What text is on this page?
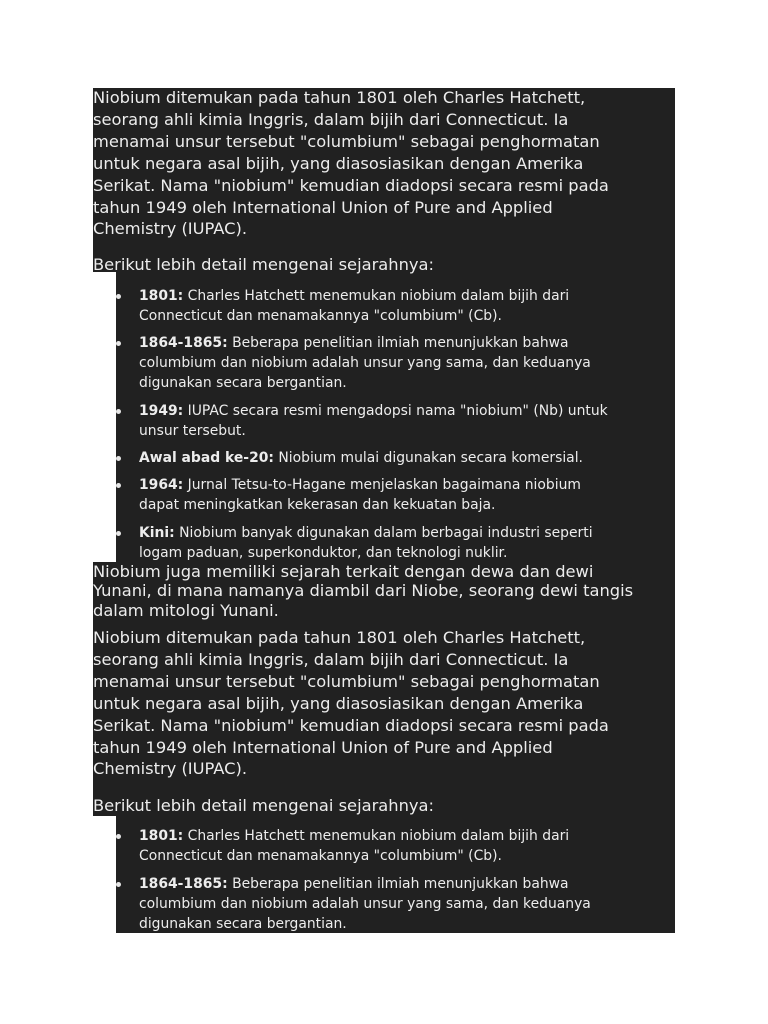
Niobium ditemukan pada tahun 1801 oleh Charles Hatchett,
seorang ahli kimia Inggris, dalam bijih dari Connecticut. Ia
menamai unsur tersebut "columbium" sebagai penghormatan
untuk negara asal bijih, yang diasosiasikan dengan Amerika
Serikat. Nama "niobium" kemudian diadopsi secara resmi pada
tahun 1949 oleh International Union of Pure and Applied
Chemistry (IUPAC).

Berikut lebih detail mengenai sejarahnya:

1801: Charles Hatchett menemukan niobium dalam bijih dari
Connecticut dan menamakannya "columbium" (Cb).

1864-1865: Beberapa penelitian ilmiah menunjukkan bahwa
columbium dan niobium adalah unsur yang sama, dan keduanya
digunakan secara bergantian.

1949: IUPAC secara resmi mengadopsi nama "niobium" (Nb) untuk
unsur tersebut.

Awal abad ke-20: Niobium mulai digunakan secara komersial.

1964: Jurnal Tetsu-to-Hagane menjelaskan bagaimana niobium
dapat meningkatkan kekerasan dan kekuatan baja.

Kini: Niobium banyak digunakan dalam berbagai industri seperti
logam paduan, superkonduktor, dan teknologi nuklir.

Niobium juga memiliki sejarah terkait dengan dewa dan dewi
Yunani, di mana namanya diambil dari Niobe, seorang dewi tangis
dalam mitologi Yunani.

Niobium ditemukan pada tahun 1801 oleh Charles Hatchett,
seorang ahli kimia Inggris, dalam bijih dari Connecticut. Ia
menamai unsur tersebut "columbium" sebagai penghormatan
untuk negara asal bijih, yang diasosiasikan dengan Amerika
Serikat. Nama "niobium" kemudian diadopsi secara resmi pada
tahun 1949 oleh International Union of Pure and Applied
Chemistry (IUPAC).

Berikut lebih detail mengenai sejarahnya:

1801: Charles Hatchett menemukan niobium dalam bijih dari
Connecticut dan menamakannya "columbium" (Cb).

1864-1865: Beberapa penelitian ilmiah menunjukkan bahwa
columbium dan niobium adalah unsur yang sama, dan keduanya
digunakan secara bergantian.
